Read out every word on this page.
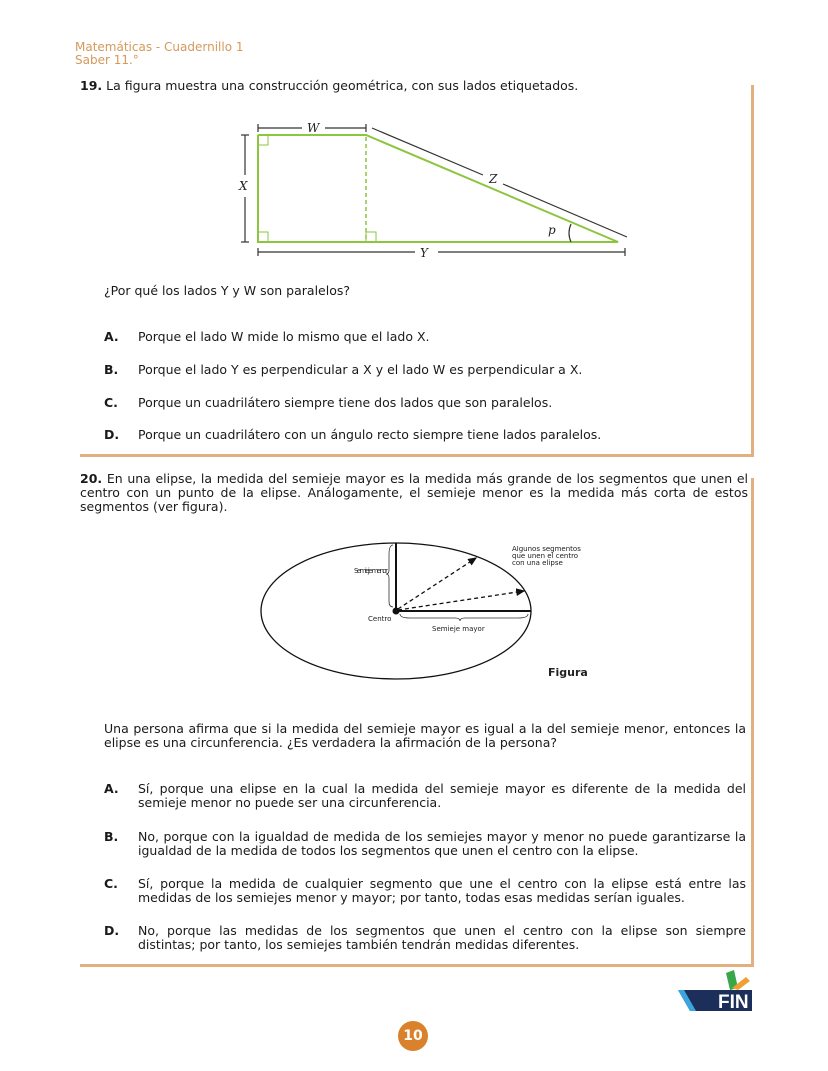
Matemáticas - Cuadernillo 1
Saber 11.°
19. La figura muestra una construcción geométrica, con sus lados etiquetados.
W
X
Y
Z
p
¿Por qué los lados Y y W son paralelos?
A. Porque el lado W mide lo mismo que el lado X.
B. Porque el lado Y es perpendicular a X y el lado W es perpendicular a X.
C. Porque un cuadrilátero siempre tiene dos lados que son paralelos.
D. Porque un cuadrilátero con un ángulo recto siempre tiene lados paralelos.
20. En una elipse, la medida del semieje mayor es la medida más grande de los segmentos que unen el centro con un punto de la elipse. Análogamente, el semieje menor es la medida más corta de estos segmentos (ver figura).
Semieje menor
Centro
Semieje mayor
Algunos segmentos que unen el centro con una elipse
Figura
Una persona afirma que si la medida del semieje mayor es igual a la del semieje menor, entonces la elipse es una circunferencia. ¿Es verdadera la afirmación de la persona?
A. Sí, porque una elipse en la cual la medida del semieje mayor es diferente de la medida del semieje menor no puede ser una circunferencia.
B. No, porque con la igualdad de medida de los semiejes mayor y menor no puede garantizarse la igualdad de la medida de todos los segmentos que unen el centro con la elipse.
C. Sí, porque la medida de cualquier segmento que une el centro con la elipse está entre las medidas de los semiejes menor y mayor; por tanto, todas esas medidas serían iguales.
D. No, porque las medidas de los segmentos que unen el centro con la elipse son siempre distintas; por tanto, los semiejes también tendrán medidas diferentes.
FIN
10
